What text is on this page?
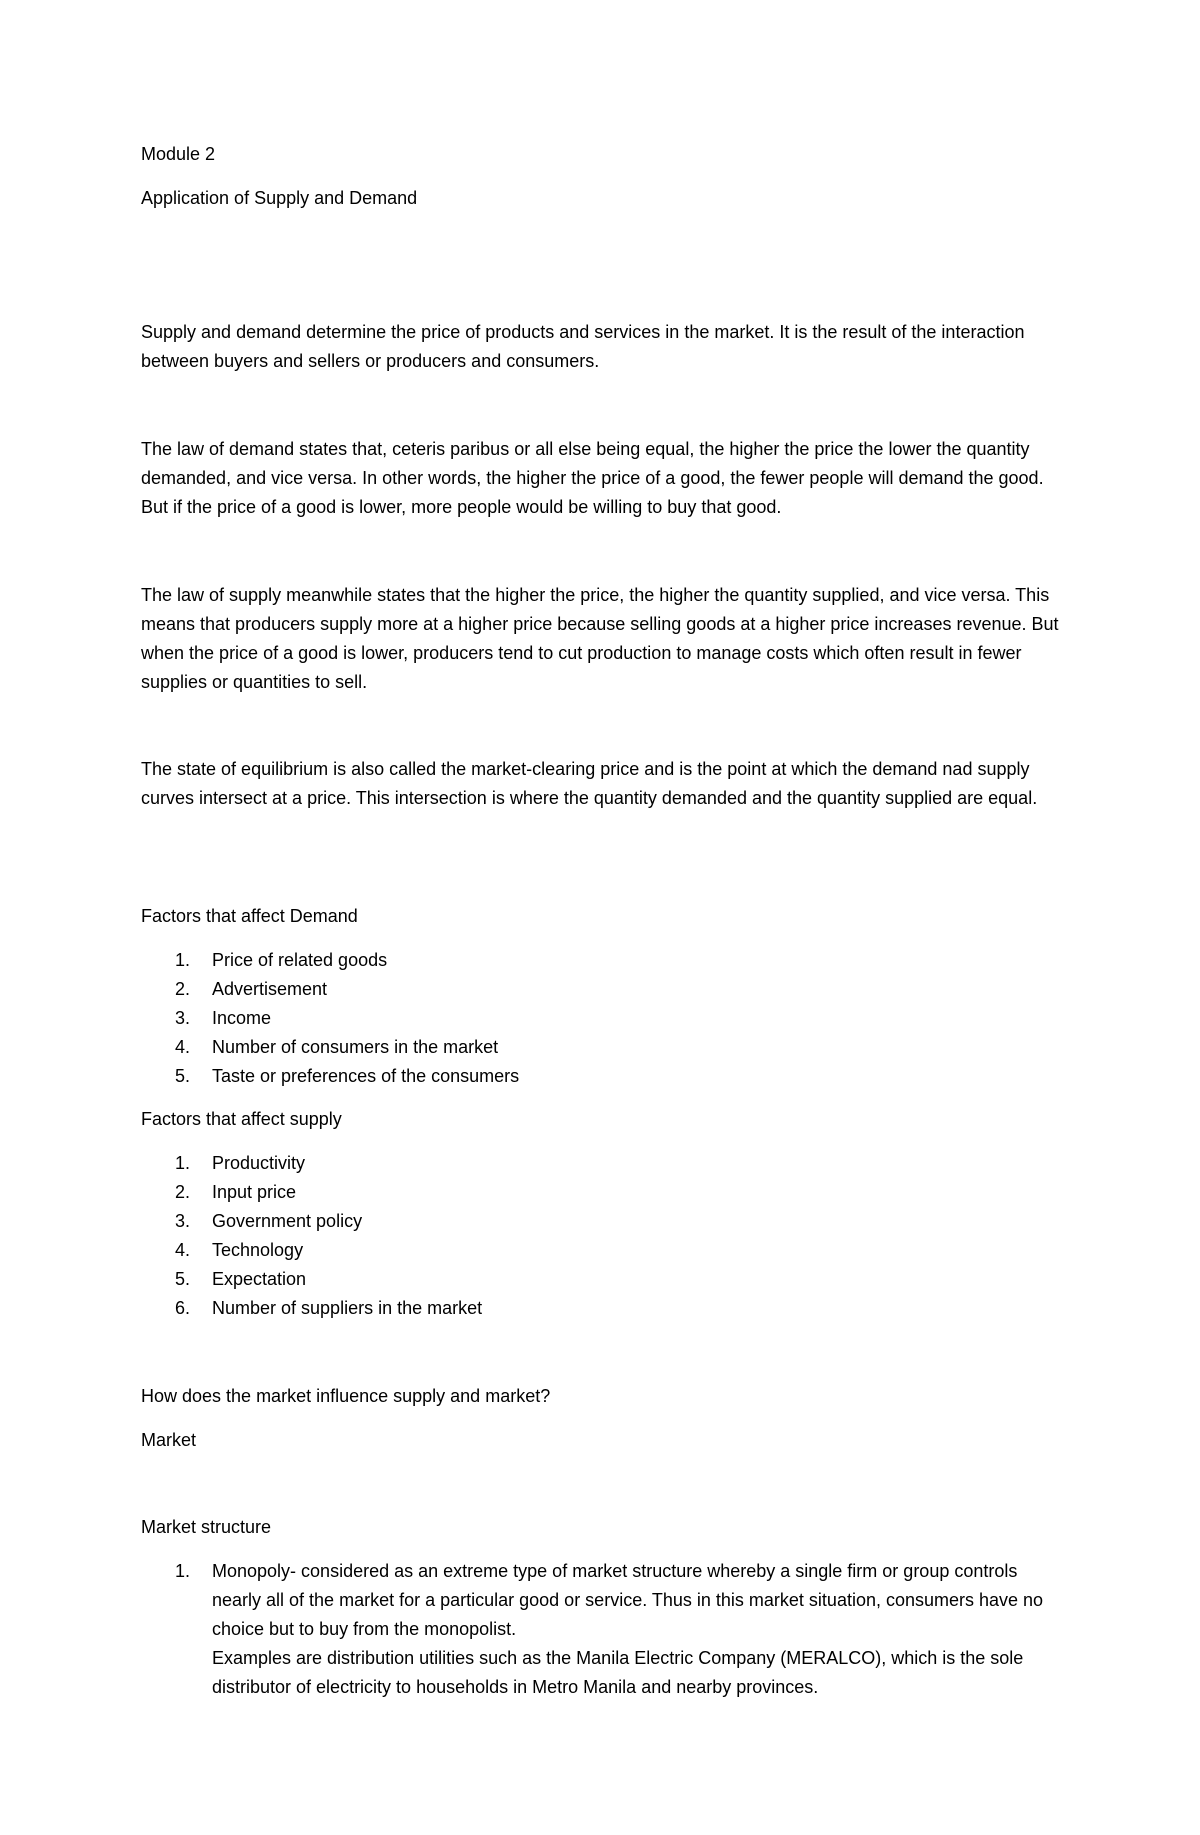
Module 2

Application of Supply and Demand

Supply and demand determine the price of products and services in the market. It is the result of the interaction between buyers and sellers or producers and consumers.

The law of demand states that, ceteris paribus or all else being equal, the higher the price the lower the quantity demanded, and vice versa. In other words, the higher the price of a good, the fewer people will demand the good. But if the price of a good is lower, more people would be willing to buy that good.

The law of supply meanwhile states that the higher the price, the higher the quantity supplied, and vice versa. This means that producers supply more at a higher price because selling goods at a higher price increases revenue. But when the price of a good is lower, producers tend to cut production to manage costs which often result in fewer supplies or quantities to sell.

The state of equilibrium is also called the market-clearing price and is the point at which the demand nad supply curves intersect at a price. This intersection is where the quantity demanded and the quantity supplied are equal.

Factors that affect Demand

1. Price of related goods
2. Advertisement
3. Income
4. Number of consumers in the market
5. Taste or preferences of the consumers

Factors that affect supply

1. Productivity
2. Input price
3. Government policy
4. Technology
5. Expectation
6. Number of suppliers in the market

How does the market influence supply and market?

Market

Market structure

1. Monopoly- considered as an extreme type of market structure whereby a single firm or group controls nearly all of the market for a particular good or service. Thus in this market situation, consumers have no choice but to buy from the monopolist.
Examples are distribution utilities such as the Manila Electric Company (MERALCO), which is the sole distributor of electricity to households in Metro Manila and nearby provinces.
